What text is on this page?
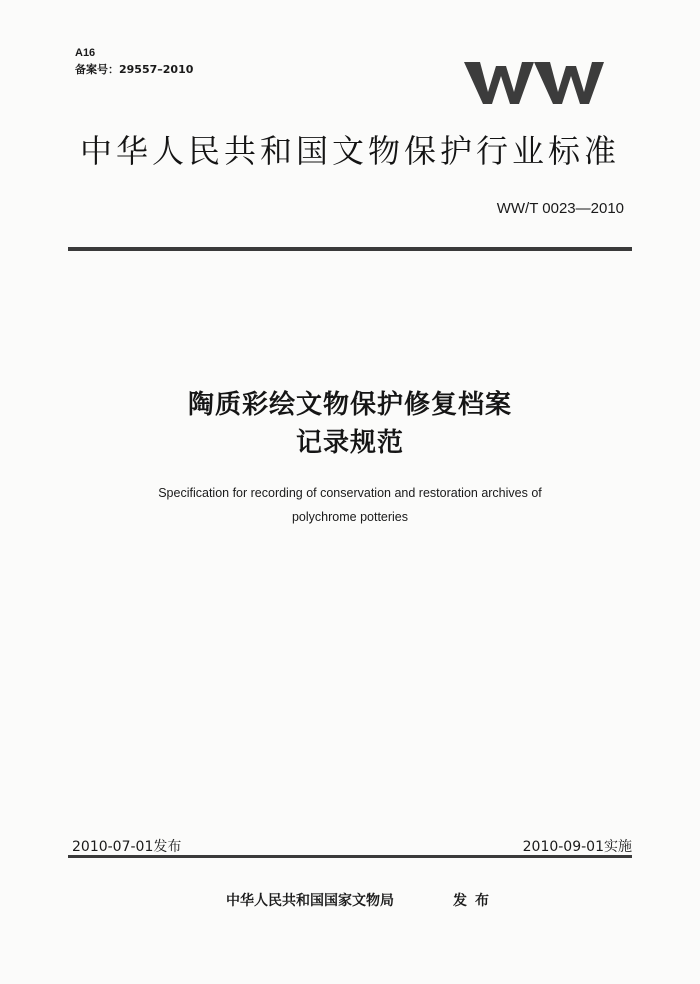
A16
备案号：29557–2010
中华人民共和国文物保护行业标准
WW/T 0023—2010
陶质彩绘文物保护修复档案
记录规范
Specification for recording of conservation and restoration archives of
polychrome potteries
2010-07-01发布	2010-09-01实施
中华人民共和国国家文物局	发布
